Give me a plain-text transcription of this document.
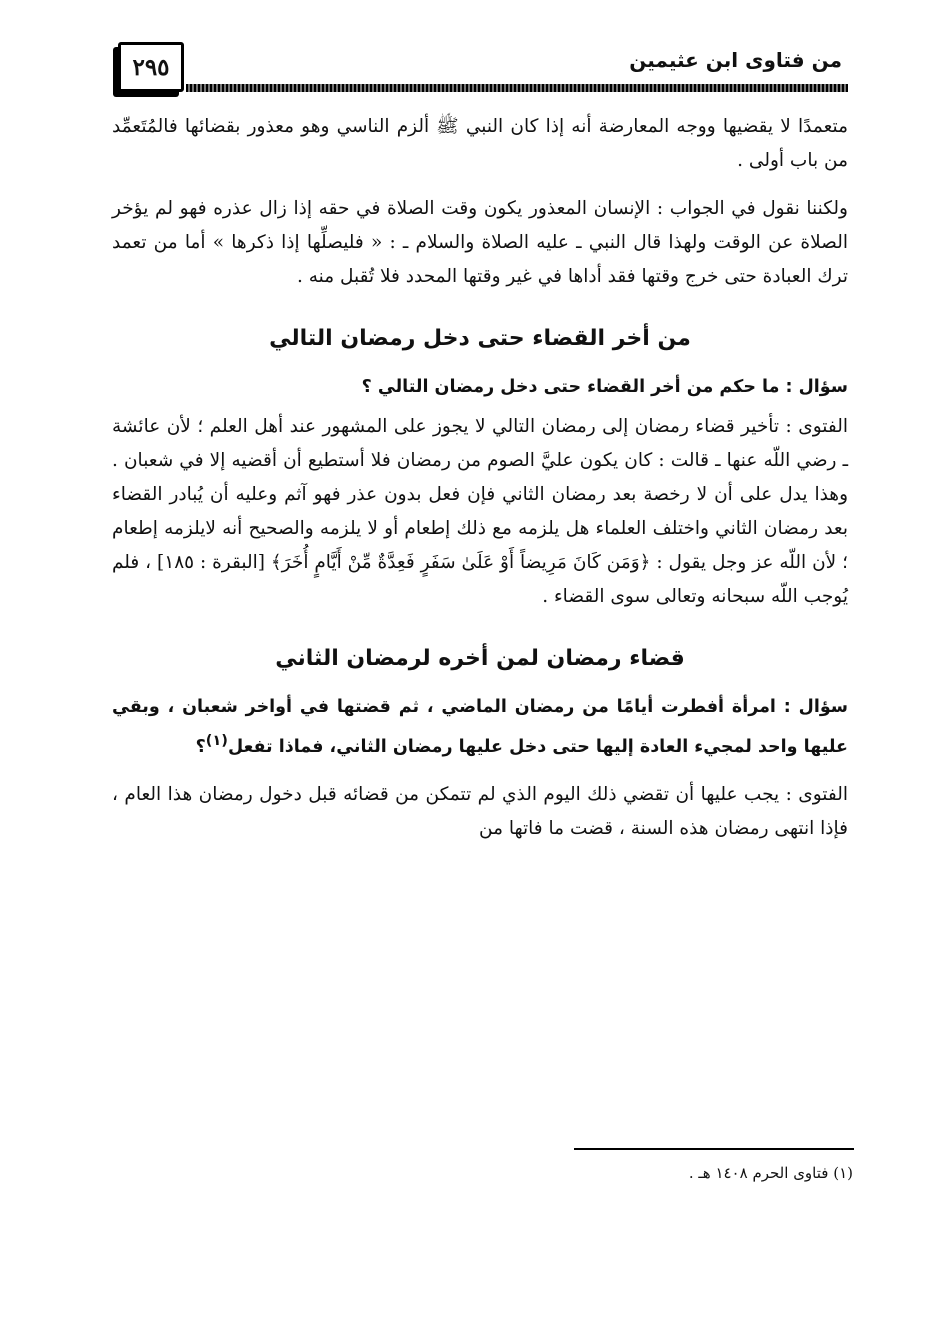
٢٩٥	من فتاوى ابن عثيمين

متعمدًا لا يقضيها ووجه المعارضة أنه إذا كان النبي ﷺ ألزم الناسي وهو معذور بقضائها فالمُتَعمِّد من باب أولى .

ولكننا نقول في الجواب : الإنسان المعذور يكون وقت الصلاة في حقه إذا زال عذره فهو لم يؤخر الصلاة عن الوقت ولهذا قال النبي ـ عليه الصلاة والسلام ـ : « فليصلِّها إذا ذكرها » أما من تعمد ترك العبادة حتى خرج وقتها فقد أداها في غير وقتها المحدد فلا تُقبل منه .

من أخر القضاء حتى دخل رمضان التالي

سؤال : ما حكم من أخر القضاء حتى دخل رمضان التالي ؟

الفتوى : تأخير قضاء رمضان إلى رمضان التالي لا يجوز على المشهور عند أهل العلم ؛ لأن عائشة ـ رضي اللّه عنها ـ قالت : كان يكون عليَّ الصوم من رمضان فلا أستطيع أن أقضيه إلا في شعبان . وهذا يدل على أن لا رخصة بعد رمضان الثاني فإن فعل بدون عذر فهو آثم وعليه أن يُبادر القضاء بعد رمضان الثاني واختلف العلماء هل يلزمه مع ذلك إطعام أو لا يلزمه والصحيح أنه لايلزمه إطعام ؛ لأن اللّه عز وجل يقول : ﴿وَمَن كَانَ مَرِيضاً أَوْ عَلَىٰ سَفَرٍ فَعِدَّةٌ مِّنْ أَيَّامٍ أُخَرَ﴾ [البقرة : ١٨٥] ، فلم يُوجب اللّه سبحانه وتعالى سوى القضاء .

قضاء رمضان لمن أخره لرمضان الثاني

سؤال : امرأة أفطرت أيامًا من رمضان الماضي ، ثم قضتها في أواخر شعبان ، وبقي عليها واحد لمجيء العادة إليها حتى دخل عليها رمضان الثاني، فماذا تفعل$^{(١)}$؟

الفتوى : يجب عليها أن تقضي ذلك اليوم الذي لم تتمكن من قضائه قبل دخول رمضان هذا العام ، فإذا انتهى رمضان هذه السنة ، قضت ما فاتها من

(١) فتاوى الحرم ١٤٠٨ هـ .
